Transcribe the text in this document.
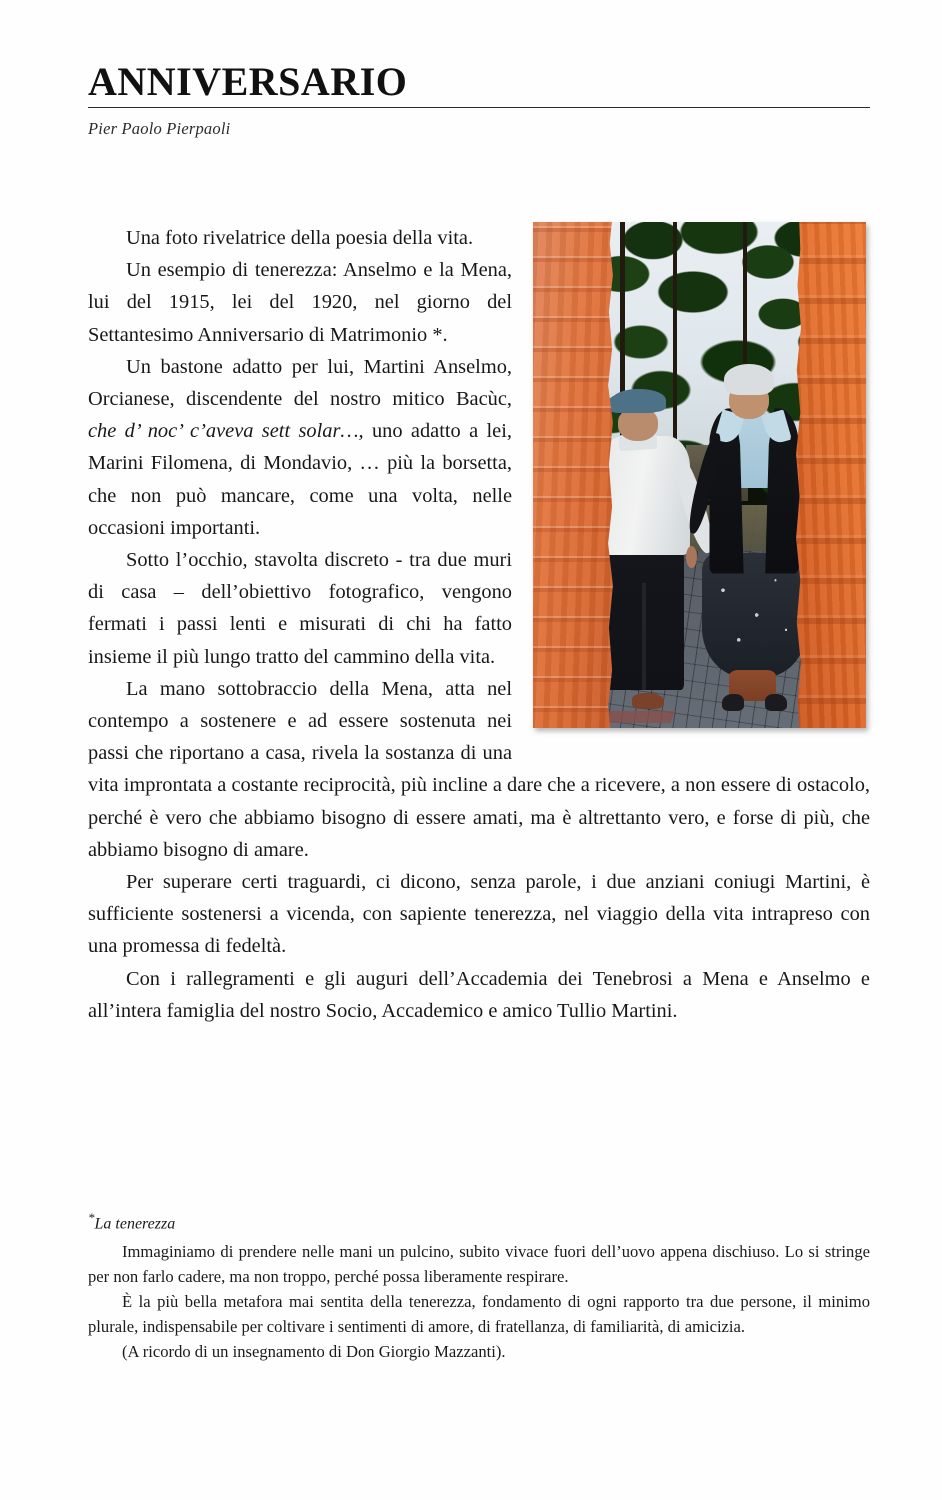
ANNIVERSARIO
Pier Paolo Pierpaoli

Una foto rivelatrice della poesia della vita.

Un esempio di tenerezza: Anselmo e la Mena, lui del 1915, lei del 1920, nel giorno del Settantesimo Anniversario di Matrimonio *.

Un bastone adatto per lui, Martini Anselmo, Orcianese, discendente del nostro mitico Bacùc, che d’ noc’ c’aveva sett solar…, uno adatto a lei, Marini Filomena, di Mondavio, … più la borsetta, che non può mancare, come una volta, nelle occasioni importanti.

Sotto l’occhio, stavolta discreto - tra due muri di casa – dell’obiettivo fotografico, vengono fermati i passi lenti e misurati di chi ha fatto insieme il più lungo tratto del cammino della vita.

La mano sottobraccio della Mena, atta nel contempo a sostenere e ad essere sostenuta nei passi che riportano a casa, rivela la sostanza di una vita improntata a costante reciprocità, più incline a dare che a ricevere, a non essere di ostacolo, perché è vero che abbiamo bisogno di essere amati, ma è altrettanto vero, e forse di più, che abbiamo bisogno di amare.

Per superare certi traguardi, ci dicono, senza parole, i due anziani coniugi Martini, è sufficiente sostenersi a vicenda, con sapiente tenerezza, nel viaggio della vita intrapreso con una promessa di fedeltà.

Con i rallegramenti e gli auguri dell’Accademia dei Tenebrosi a Mena e Anselmo e all’intera famiglia del nostro Socio, Accademico e amico Tullio Martini.

*La tenerezza

Immaginiamo di prendere nelle mani un pulcino, subito vivace fuori dell’uovo appena dischiuso. Lo si stringe per non farlo cadere, ma non troppo, perché possa liberamente respirare.

È la più bella metafora mai sentita della tenerezza, fondamento di ogni rapporto tra due persone, il minimo plurale, indispensabile per coltivare i sentimenti di amore, di fratellanza, di familiarità, di amicizia.

(A ricordo di un insegnamento di Don Giorgio Mazzanti).
